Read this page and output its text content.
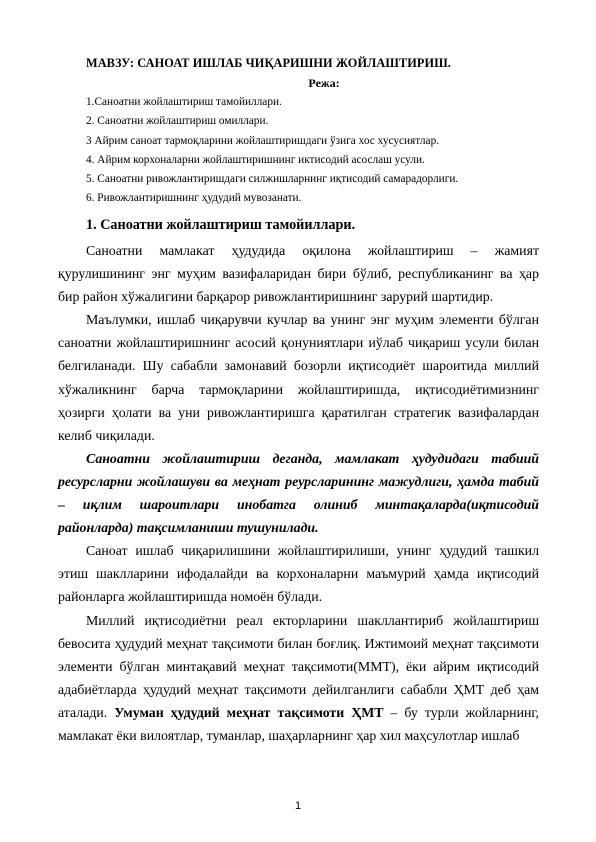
МАВЗУ: САНОАТ ИШЛАБ ЧИҚАРИШНИ ЖОЙЛАШТИРИШ.
Режа:
1.Саноатни жойлаштириш тамойиллари.
2. Саноатни жойлаштириш омиллари.
3 Айрим саноат тармоқларини жойлаштиришдаги ўзига хос хусусиятлар.
4. Айрим корхоналарни жойлаштиришнинг иктисодий асослаш усули.
5. Саноатни ривожлантиришдаги силжишларнинг иқтисодий самарадорлиги.
6. Ривожлантиришнинг ҳудудий мувозанати.
1. Саноатни жойлаштириш тамойиллари.

Саноатни мамлакат ҳудудида оқилона жойлаштириш – жамият қурулишининг энг муҳим вазифаларидан бири бўлиб, республиканинг ва ҳар бир район хўжалигини барқарор ривожлантиришнинг зарурий шартидир.

Маълумки, ишлаб чиқарувчи кучлар ва унинг энг муҳим элементи бўлган саноатни жойлаштиришнинг асосий қонуниятлари иўлаб чиқариш усули билан белгиланади. Шу сабабли замонавий бозорли иқтисодиёт шароитида миллий хўжаликнинг барча тармоқларини жойлаштиришда, иқтисодиётимизнинг ҳозирги ҳолати ва уни ривожлантиришга қаратилган стратегик вазифалардан келиб чиқилади.

Саноатни жойлаштириш деганда, мамлакат ҳудудидаги табиий ресурсларни жойлашуви ва меҳнат реурсларининг мажудлиги, ҳамда табий – иқлим шароитлари инобатга олиниб минтақаларда(иқтисодий районларда) тақсимланиши тушунилади.

Саноат ишлаб чиқарилишини жойлаштирилиши, унинг ҳудудий ташкил этиш шаклларини ифодалайди ва корхоналарни маъмурий ҳамда иқтисодий районларга жойлаштиришда номоён бўлади.

Миллий иқтисодиётни реал екторларини шакллантириб жойлаштириш бевосита ҳудудий меҳнат тақсимоти билан боғлиқ. Ижтимоий меҳнат тақсимоти элементи бўлган минтақавий меҳнат тақсимоти(ММТ), ёки айрим иқтисодий адабиётларда ҳудудий меҳнат тақсимоти дейилганлиги сабабли ҲМТ деб ҳам аталади. Умуман ҳудудий меҳнат тақсимоти ҲМТ – бу турли жойларнинг, мамлакат ёки вилоятлар, туманлар, шаҳарларнинг ҳар хил маҳсулотлар ишлаб

1
